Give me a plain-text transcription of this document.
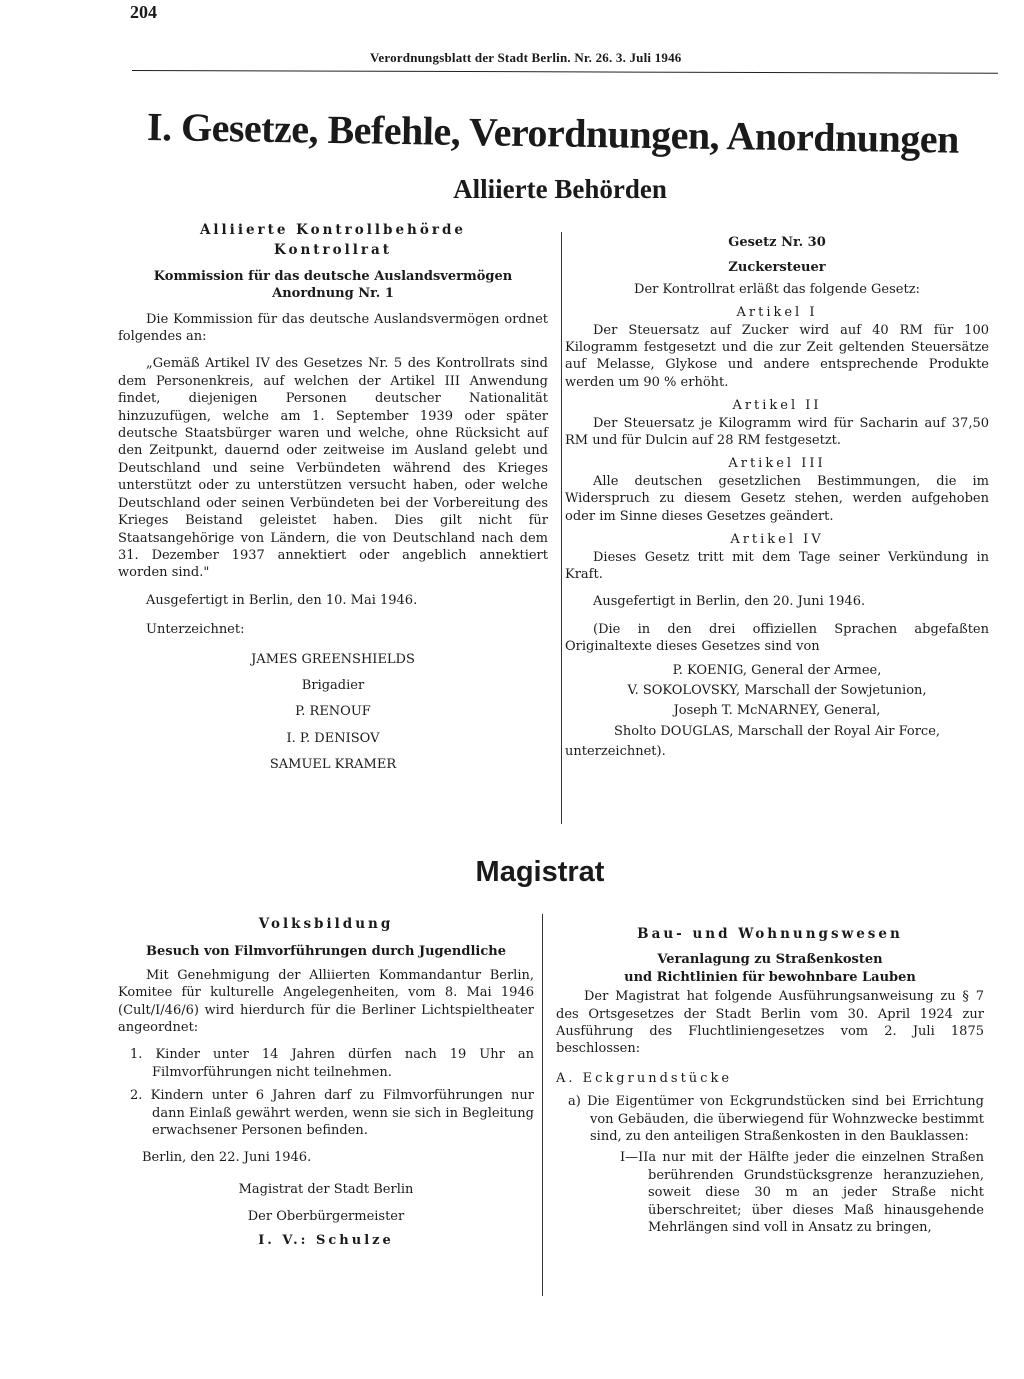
204
Verordnungsblatt der Stadt Berlin. Nr. 26. 3. Juli 1946
I. Gesetze, Befehle, Verordnungen, Anordnungen
Alliierte Behörden

Alliierte Kontrollbehörde

Kontrollrat

Kommission für das deutsche Auslandsvermögen

Anordnung Nr. 1

Die Kommission für das deutsche Auslandsvermögen ordnet folgendes an:

„Gemäß Artikel IV des Gesetzes Nr. 5 des Kontrollrats sind dem Personenkreis, auf welchen der Artikel III Anwendung findet, diejenigen Personen deutscher Nationalität hinzuzufügen, welche am 1. September 1939 oder später deutsche Staatsbürger waren und welche, ohne Rücksicht auf den Zeitpunkt, dauernd oder zeitweise im Ausland gelebt und Deutschland und seine Verbündeten während des Krieges unterstützt oder zu unterstützen versucht haben, oder welche Deutschland oder seinen Verbündeten bei der Vorbereitung des Krieges Beistand geleistet haben. Dies gilt nicht für Staatsangehörige von Ländern, die von Deutschland nach dem 31. Dezember 1937 annektiert oder angeblich annektiert worden sind."

Ausgefertigt in Berlin, den 10. Mai 1946.

Unterzeichnet:

JAMES GREENSHIELDS

Brigadier

P. RENOUF

I. P. DENISOV

SAMUEL KRAMER

Gesetz Nr. 30

Zuckersteuer

Der Kontrollrat erläßt das folgende Gesetz:

Artikel I

Der Steuersatz auf Zucker wird auf 40 RM für 100 Kilogramm festgesetzt und die zur Zeit geltenden Steuersätze auf Melasse, Glykose und andere entsprechende Produkte werden um 90 % erhöht.

Artikel II

Der Steuersatz je Kilogramm wird für Sacharin auf 37,50 RM und für Dulcin auf 28 RM festgesetzt.

Artikel III

Alle deutschen gesetzlichen Bestimmungen, die im Widerspruch zu diesem Gesetz stehen, werden aufgehoben oder im Sinne dieses Gesetzes geändert.

Artikel IV

Dieses Gesetz tritt mit dem Tage seiner Verkündung in Kraft.

Ausgefertigt in Berlin, den 20. Juni 1946.

(Die in den drei offiziellen Sprachen abgefaßten Originaltexte dieses Gesetzes sind von

P. KOENIG, General der Armee,

V. SOKOLOVSKY, Marschall der Sowjetunion,

Joseph T. McNARNEY, General,

Sholto DOUGLAS, Marschall der Royal Air Force,

unterzeichnet).

Magistrat

Volksbildung

Besuch von Filmvorführungen durch Jugendliche

Mit Genehmigung der Alliierten Kommandantur Berlin, Komitee für kulturelle Angelegenheiten, vom 8. Mai 1946 (Cult/I/46/6) wird hierdurch für die Berliner Lichtspieltheater angeordnet:

1. Kinder unter 14 Jahren dürfen nach 19 Uhr an Filmvorführungen nicht teilnehmen.

2. Kindern unter 6 Jahren darf zu Filmvorführungen nur dann Einlaß gewährt werden, wenn sie sich in Begleitung erwachsener Personen befinden.

Berlin, den 22. Juni 1946.

Magistrat der Stadt Berlin

Der Oberbürgermeister

I. V.: Schulze

Bau- und Wohnungswesen

Veranlagung zu Straßenkosten

und Richtlinien für bewohnbare Lauben

Der Magistrat hat folgende Ausführungsanweisung zu § 7 des Ortsgesetzes der Stadt Berlin vom 30. April 1924 zur Ausführung des Fluchtliniengesetzes vom 2. Juli 1875 beschlossen:

A. Eckgrundstücke

a) Die Eigentümer von Eckgrundstücken sind bei Errichtung von Gebäuden, die überwiegend für Wohnzwecke bestimmt sind, zu den anteiligen Straßenkosten in den Bauklassen:

I—IIa nur mit der Hälfte jeder die einzelnen Straßen berührenden Grundstücksgrenze heranzuziehen, soweit diese 30 m an jeder Straße nicht überschreitet; über dieses Maß hinausgehende Mehrlängen sind voll in Ansatz zu bringen,
